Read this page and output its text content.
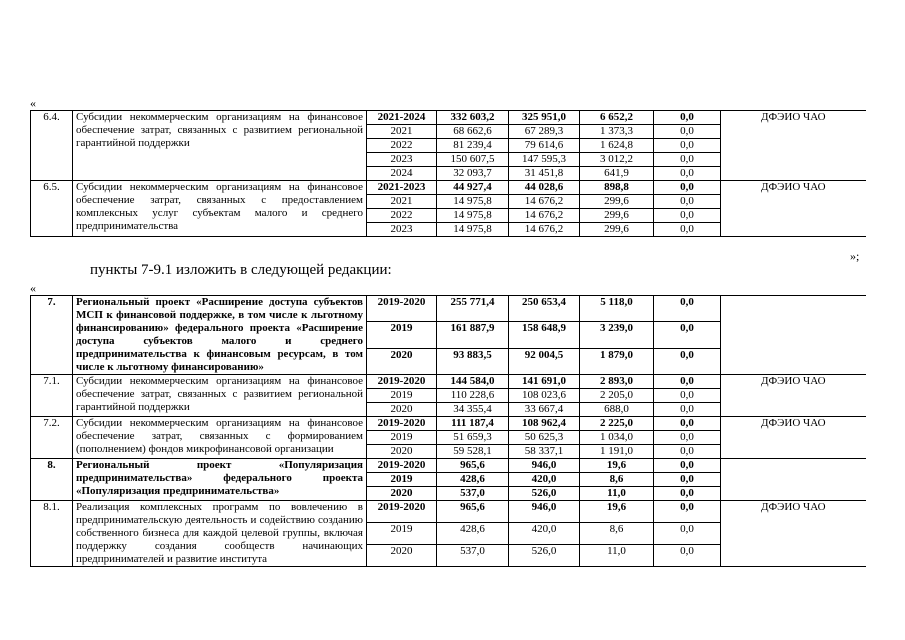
«
6.4.	Субсидии некоммерческим организациям на финансовое обеспечение затрат, связанных с развитием региональной гарантийной поддержки	2021-2024	332 603,2	325 951,0	6 652,2	0,0	ДФЭИО ЧАО
		2021	68 662,6	67 289,3	1 373,3	0,0	
		2022	81 239,4	79 614,6	1 624,8	0,0	
		2023	150 607,5	147 595,3	3 012,2	0,0	
		2024	32 093,7	31 451,8	641,9	0,0	
6.5.	Субсидии некоммерческим организациям на финансовое обеспечение затрат, связанных с предоставлением комплексных услуг субъектам малого и среднего предпринимательства	2021-2023	44 927,4	44 028,6	898,8	0,0	ДФЭИО ЧАО
		2021	14 975,8	14 676,2	299,6	0,0	
		2022	14 975,8	14 676,2	299,6	0,0	
		2023	14 975,8	14 676,2	299,6	0,0	
»;
пункты 7-9.1 изложить в следующей редакции:
«
7.	Региональный проект «Расширение доступа субъектов МСП к финансовой поддержке, в том числе к льготному финансированию» федерального проекта «Расширение доступа субъектов малого и среднего предпринимательства к финансовым ресурсам, в том числе к льготному финансированию»	2019-2020	255 771,4	250 653,4	5 118,0	0,0	
		2019	161 887,9	158 648,9	3 239,0	0,0	
		2020	93 883,5	92 004,5	1 879,0	0,0	
7.1.	Субсидии некоммерческим организациям на финансовое обеспечение затрат, связанных с развитием региональной гарантийной поддержки	2019-2020	144 584,0	141 691,0	2 893,0	0,0	ДФЭИО ЧАО
		2019	110 228,6	108 023,6	2 205,0	0,0	
		2020	34 355,4	33 667,4	688,0	0,0	
7.2.	Субсидии некоммерческим организациям на финансовое обеспечение затрат, связанных с формированием (пополнением) фондов микрофинансовой организации	2019-2020	111 187,4	108 962,4	2 225,0	0,0	ДФЭИО ЧАО
		2019	51 659,3	50 625,3	1 034,0	0,0	
		2020	59 528,1	58 337,1	1 191,0	0,0	
8.	Региональный проект «Популяризация предпринимательства» федерального проекта «Популяризация предпринимательства»	2019-2020	965,6	946,0	19,6	0,0	
		2019	428,6	420,0	8,6	0,0	
		2020	537,0	526,0	11,0	0,0	
8.1.	Реализация комплексных программ по вовлечению в предпринимательскую деятельность и содействию созданию собственного бизнеса для каждой целевой группы, включая поддержку создания сообществ начинающих предпринимателей и развитие института	2019-2020	965,6	946,0	19,6	0,0	ДФЭИО ЧАО
		2019	428,6	420,0	8,6	0,0	
		2020	537,0	526,0	11,0	0,0	
